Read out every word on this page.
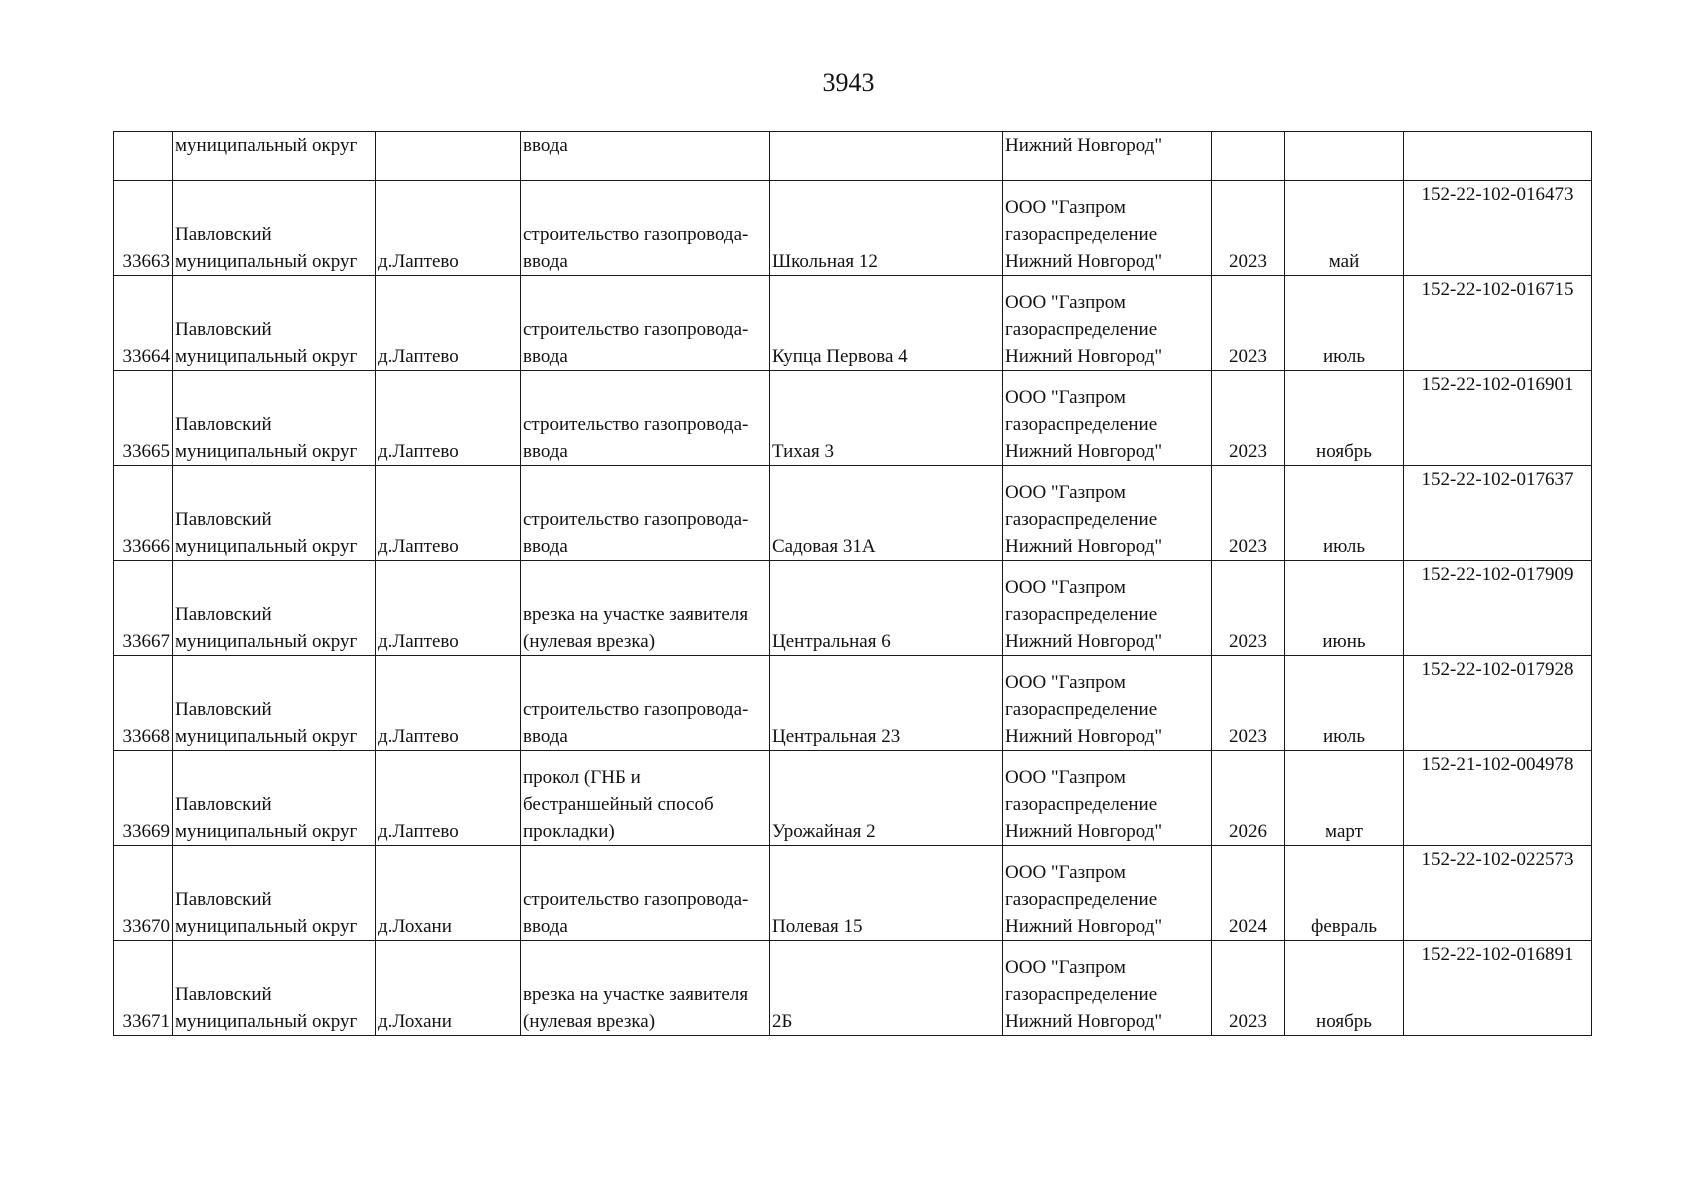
3943
	муниципальный округ		ввода		Нижний Новгород"			
33663	Павловский
муниципальный округ	д.Лаптево	строительство газопровода-
ввода	Школьная 12	ООО "Газпром
газораспределение
Нижний Новгород"	2023	май	152-22-102-016473
33664	Павловский
муниципальный округ	д.Лаптево	строительство газопровода-
ввода	Купца Первова 4	ООО "Газпром
газораспределение
Нижний Новгород"	2023	июль	152-22-102-016715
33665	Павловский
муниципальный округ	д.Лаптево	строительство газопровода-
ввода	Тихая 3	ООО "Газпром
газораспределение
Нижний Новгород"	2023	ноябрь	152-22-102-016901
33666	Павловский
муниципальный округ	д.Лаптево	строительство газопровода-
ввода	Садовая 31А	ООО "Газпром
газораспределение
Нижний Новгород"	2023	июль	152-22-102-017637
33667	Павловский
муниципальный округ	д.Лаптево	врезка на участке заявителя
(нулевая врезка)	Центральная 6	ООО "Газпром
газораспределение
Нижний Новгород"	2023	июнь	152-22-102-017909
33668	Павловский
муниципальный округ	д.Лаптево	строительство газопровода-
ввода	Центральная 23	ООО "Газпром
газораспределение
Нижний Новгород"	2023	июль	152-22-102-017928
33669	Павловский
муниципальный округ	д.Лаптево	прокол (ГНБ и
бестраншейный способ
прокладки)	Урожайная 2	ООО "Газпром
газораспределение
Нижний Новгород"	2026	март	152-21-102-004978
33670	Павловский
муниципальный округ	д.Лохани	строительство газопровода-
ввода	Полевая 15	ООО "Газпром
газораспределение
Нижний Новгород"	2024	февраль	152-22-102-022573
33671	Павловский
муниципальный округ	д.Лохани	врезка на участке заявителя
(нулевая врезка)	2Б	ООО "Газпром
газораспределение
Нижний Новгород"	2023	ноябрь	152-22-102-016891
